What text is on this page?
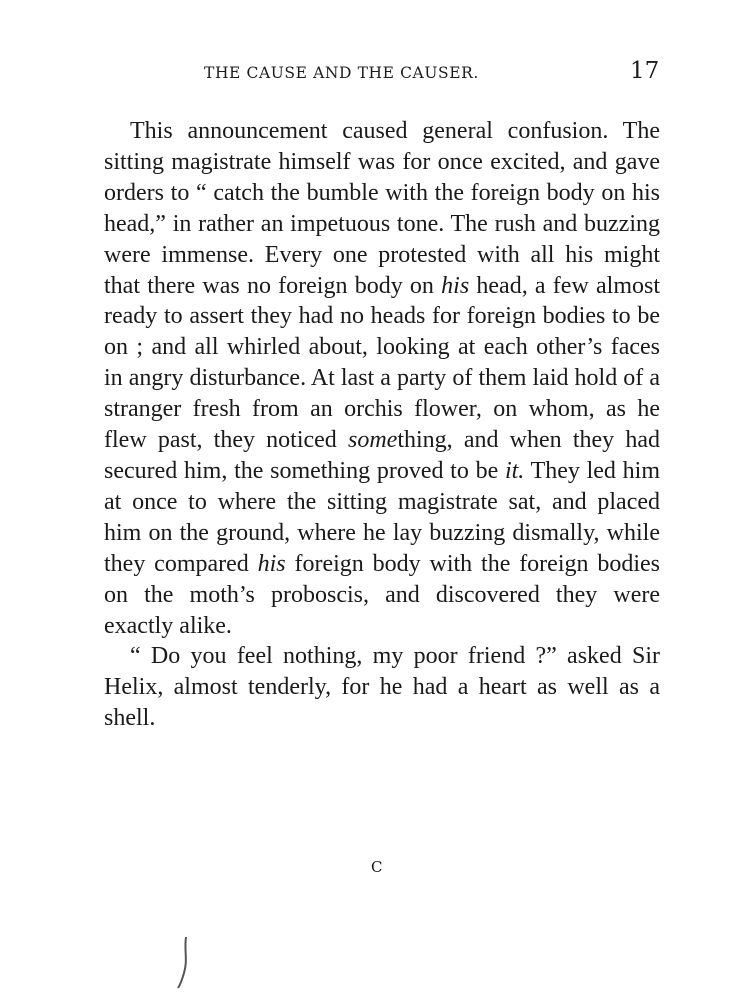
THE CAUSE AND THE CAUSER.	17

This announcement caused general confusion. The sitting magistrate himself was for once excited, and gave orders to “ catch the bumble with the foreign body on his head,” in rather an impetuous tone. The rush and buzzing were immense. Every one protested with all his might that there was no foreign body on his head, a few almost ready to assert they had no heads for foreign bodies to be on ; and all whirled about, looking at each other’s faces in angry disturbance. At last a party of them laid hold of a stranger fresh from an orchis flower, on whom, as he flew past, they noticed something, and when they had secured him, the something proved to be it. They led him at once to where the sitting magistrate sat, and placed him on the ground, where he lay buzzing dismally, while they compared his foreign body with the foreign bodies on the moth’s proboscis, and discovered they were exactly alike.

“ Do you feel nothing, my poor friend ?” asked Sir Helix, almost tenderly, for he had a heart as well as a shell.

C
